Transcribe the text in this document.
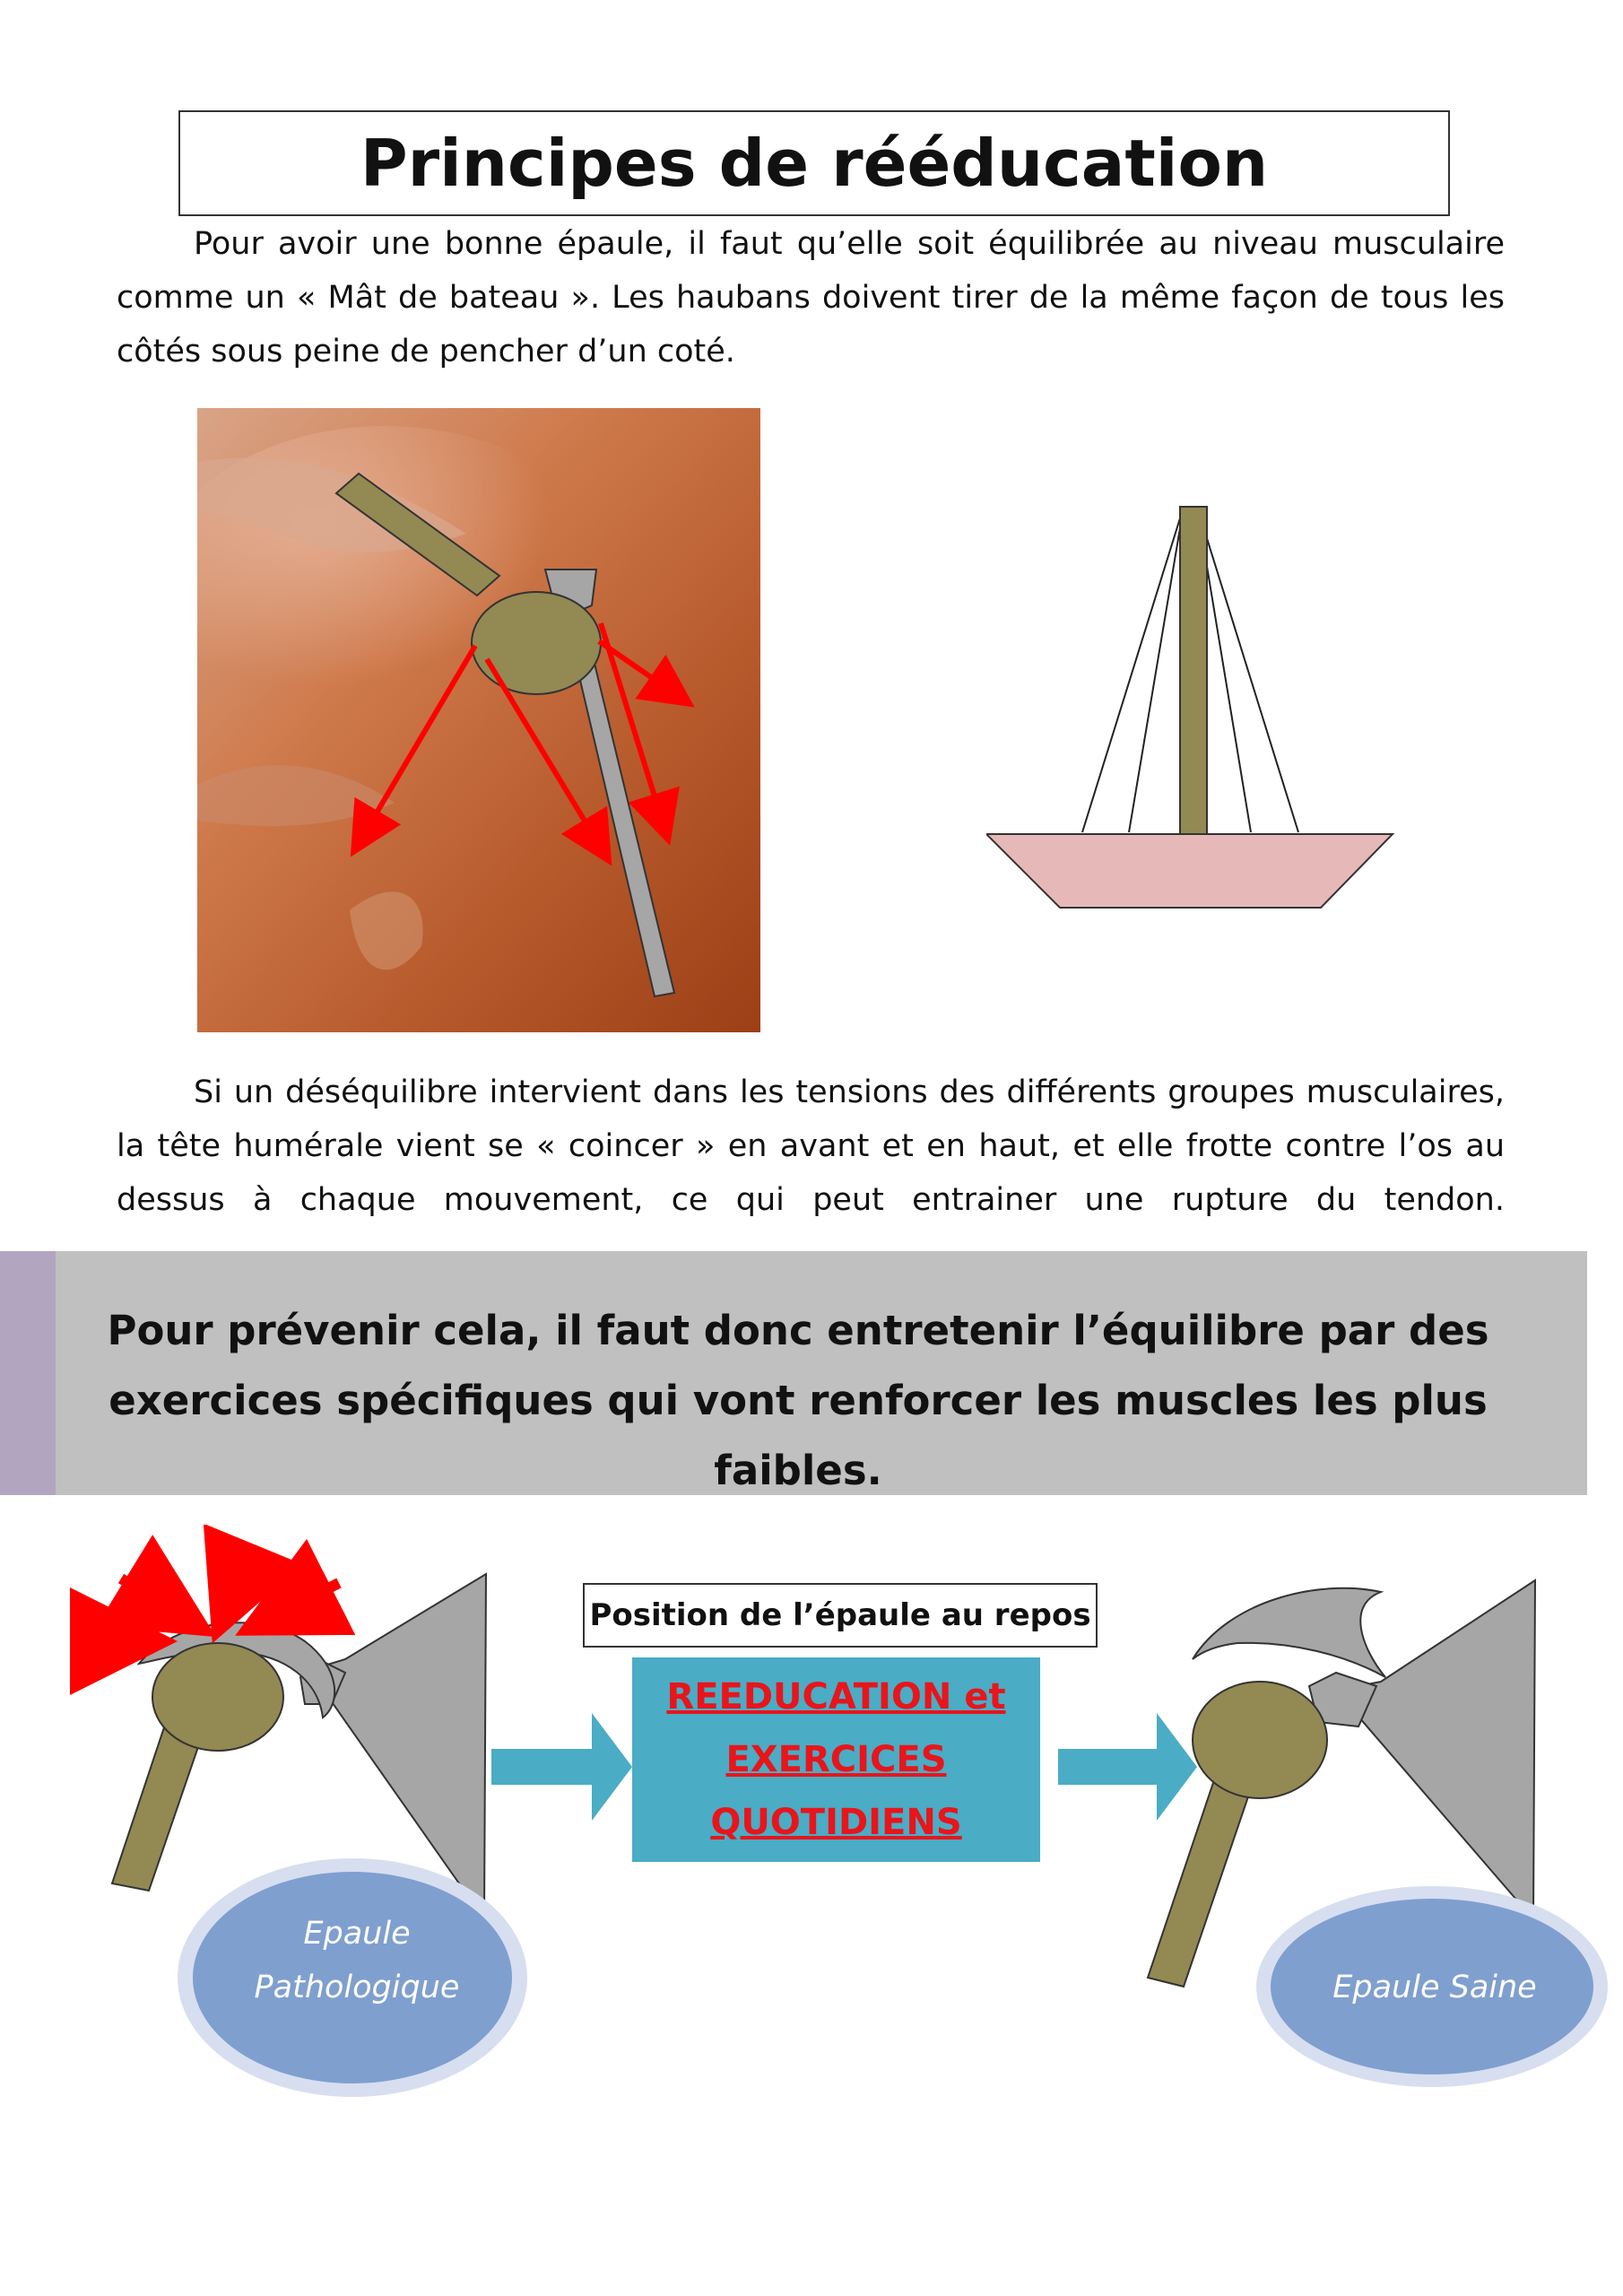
Principes de rééducation

Pour avoir une bonne épaule, il faut qu’elle soit équilibrée au niveau musculaire comme un « Mât de bateau ». Les haubans doivent tirer de la même façon de tous les côtés sous peine de pencher d’un coté.

Si un déséquilibre intervient dans les tensions des différents groupes musculaires, la tête humérale vient se « coincer » en avant et en haut, et elle frotte contre l’os au dessus à chaque mouvement, ce qui peut entrainer une rupture du tendon.

Pour prévenir cela, il faut donc entretenir l’équilibre par des
exercices spécifiques qui vont renforcer les muscles les plus faibles.

Position de l’épaule au repos
REEDUCATION et
EXERCICES
QUOTIDIENS
Epaule
Pathologique	Epaule Saine
